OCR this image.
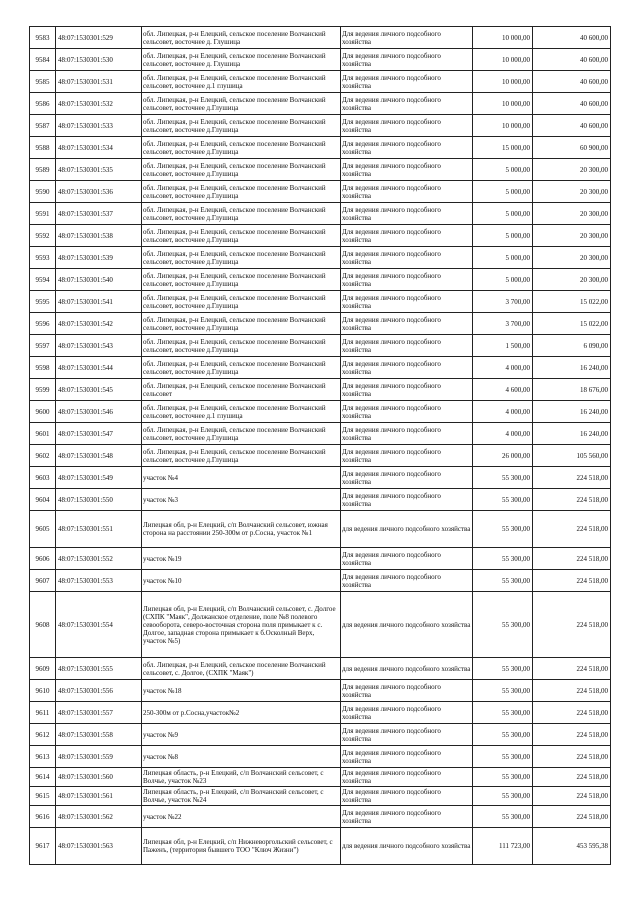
9583	48:07:1530301:529	обл. Липецкая, р-н Елецкий, сельское поселение Волчанский сельсовет, восточнее д. Глушица	Для ведения личного подсобного хозяйства	10 000,00	40 600,00
9584	48:07:1530301:530	обл. Липецкая, р-н Елецкий, сельское поселение Волчанский сельсовет, восточнее д. Глушица	Для ведения личного подсобного хозяйства	10 000,00	40 600,00
9585	48:07:1530301:531	обл. Липецкая, р-н Елецкий, сельское поселение Волчанский сельсовет, восточнее д.1 глушица	Для ведения личного подсобного хозяйства	10 000,00	40 600,00
9586	48:07:1530301:532	обл. Липецкая, р-н Елецкий, сельское поселение Волчанский сельсовет, восточнее д.Глушица	Для ведения личного подсобного хозяйства	10 000,00	40 600,00
9587	48:07:1530301:533	обл. Липецкая, р-н Елецкий, сельское поселение Волчанский сельсовет, восточнее д.Глушица	Для ведения личного подсобного хозяйства	10 000,00	40 600,00
9588	48:07:1530301:534	обл. Липецкая, р-н Елецкий, сельское поселение Волчанский сельсовет, восточнее д.Глушица	Для ведения личного подсобного хозяйства	15 000,00	60 900,00
9589	48:07:1530301:535	обл. Липецкая, р-н Елецкий, сельское поселение Волчанский сельсовет, восточнее д.Глушица	Для ведения личного подсобного хозяйства	5 000,00	20 300,00
9590	48:07:1530301:536	обл. Липецкая, р-н Елецкий, сельское поселение Волчанский сельсовет, восточнее д.Глушица	Для ведения личного подсобного хозяйства	5 000,00	20 300,00
9591	48:07:1530301:537	обл. Липецкая, р-н Елецкий, сельское поселение Волчанский сельсовет, восточнее д.Глушица	Для ведения личного подсобного хозяйства	5 000,00	20 300,00
9592	48:07:1530301:538	обл. Липецкая, р-н Елецкий, сельское поселение Волчанский сельсовет, восточнее д.Глушица	Для ведения личного подсобного хозяйства	5 000,00	20 300,00
9593	48:07:1530301:539	обл. Липецкая, р-н Елецкий, сельское поселение Волчанский сельсовет, восточнее д.Глушица	Для ведения личного подсобного хозяйства	5 000,00	20 300,00
9594	48:07:1530301:540	обл. Липецкая, р-н Елецкий, сельское поселение Волчанский сельсовет, восточнее д.Глушица	Для ведения личного подсобного хозяйства	5 000,00	20 300,00
9595	48:07:1530301:541	обл. Липецкая, р-н Елецкий, сельское поселение Волчанский сельсовет, восточнее д.Глушица	Для ведения личного подсобного хозяйства	3 700,00	15 022,00
9596	48:07:1530301:542	обл. Липецкая, р-н Елецкий, сельское поселение Волчанский сельсовет, восточнее д.Глушица	Для ведения личного подсобного хозяйства	3 700,00	15 022,00
9597	48:07:1530301:543	обл. Липецкая, р-н Елецкий, сельское поселение Волчанский сельсовет, восточнее д.Глушица	Для ведения личного подсобного хозяйства	1 500,00	6 090,00
9598	48:07:1530301:544	обл. Липецкая, р-н Елецкий, сельское поселение Волчанский сельсовет, восточнее д.Глушица	Для ведения личного подсобного хозяйства	4 000,00	16 240,00
9599	48:07:1530301:545	обл. Липецкая, р-н Елецкий, сельское поселение Волчанский сельсовет	Для ведения личного подсобного хозяйства	4 600,00	18 676,00
9600	48:07:1530301:546	обл. Липецкая, р-н Елецкий, сельское поселение Волчанский сельсовет, восточнее д.1 глушица	Для ведения личного подсобного хозяйства	4 000,00	16 240,00
9601	48:07:1530301:547	обл. Липецкая, р-н Елецкий, сельское поселение Волчанский сельсовет, восточнее д.Глушица	Для ведения личного подсобного хозяйства	4 000,00	16 240,00
9602	48:07:1530301:548	обл. Липецкая, р-н Елецкий, сельское поселение Волчанский сельсовет, восточнее д.Глушица	Для ведения личного подсобного хозяйства	26 000,00	105 560,00
9603	48:07:1530301:549	участок №4	Для ведения личного подсобного хозяйства	55 300,00	224 518,00
9604	48:07:1530301:550	участок №3	Для ведения личного подсобного хозяйства	55 300,00	224 518,00
9605	48:07:1530301:551	Липецкая обл, р-н Елецкий, с/п Волчанский сельсовет, южная сторона на расстоянии 250-300м от р.Сосна, участок №1	для ведения личного подсобного хозяйства	55 300,00	224 518,00
9606	48:07:1530301:552	участок №19	Для ведения личного подсобного хозяйства	55 300,00	224 518,00
9607	48:07:1530301:553	участок №10	Для ведения личного подсобного хозяйства	55 300,00	224 518,00
9608	48:07:1530301:554	Липецкая обл, р-н Елецкий, с/п Волчанский сельсовет, с. Долгое (СХПК "Маяк", Должанское отделение, поле №8 полевого севооборота, северо-восточная сторона поля примыкает к с. Долгое, западная сторона примыкает к б.Осколный Верх, участок №5)	для ведения личного подсобного хозяйства	55 300,00	224 518,00
9609	48:07:1530301:555	обл. Липецкая, р-н Елецкий, сельское поселение Волчанский сельсовет, с. Долгое, (СХПК "Маяк")	для ведения личного подсобного хозяйства	55 300,00	224 518,00
9610	48:07:1530301:556	участок №18	Для ведения личного подсобного хозяйства	55 300,00	224 518,00
9611	48:07:1530301:557	250-300м от р.Сосна,участок№2	Для ведения личного подсобного хозяйства	55 300,00	224 518,00
9612	48:07:1530301:558	участок №9	Для ведения личного подсобного хозяйства	55 300,00	224 518,00
9613	48:07:1530301:559	участок №8	Для ведения личного подсобного хозяйства	55 300,00	224 518,00
9614	48:07:1530301:560	Липецкая область, р-н Елецкий, с/п Волчанский сельсовет, с Волчье, участок №23	Для ведения личного подсобного хозяйства	55 300,00	224 518,00
9615	48:07:1530301:561	Липецкая область, р-н Елецкий, с/п Волчанский сельсовет, с Волчье, участок №24	Для ведения личного подсобного хозяйства	55 300,00	224 518,00
9616	48:07:1530301:562	участок №22	Для ведения личного подсобного хозяйства	55 300,00	224 518,00
9617	48:07:1530301:563	Липецкая обл, р-н Елецкий, с/п Нижневоргольский сельсовет, с Паженъ, (территория бывшего ТОО "Ключ Жизни")	для ведения личного подсобного хозяйства	111 723,00	453 595,38
